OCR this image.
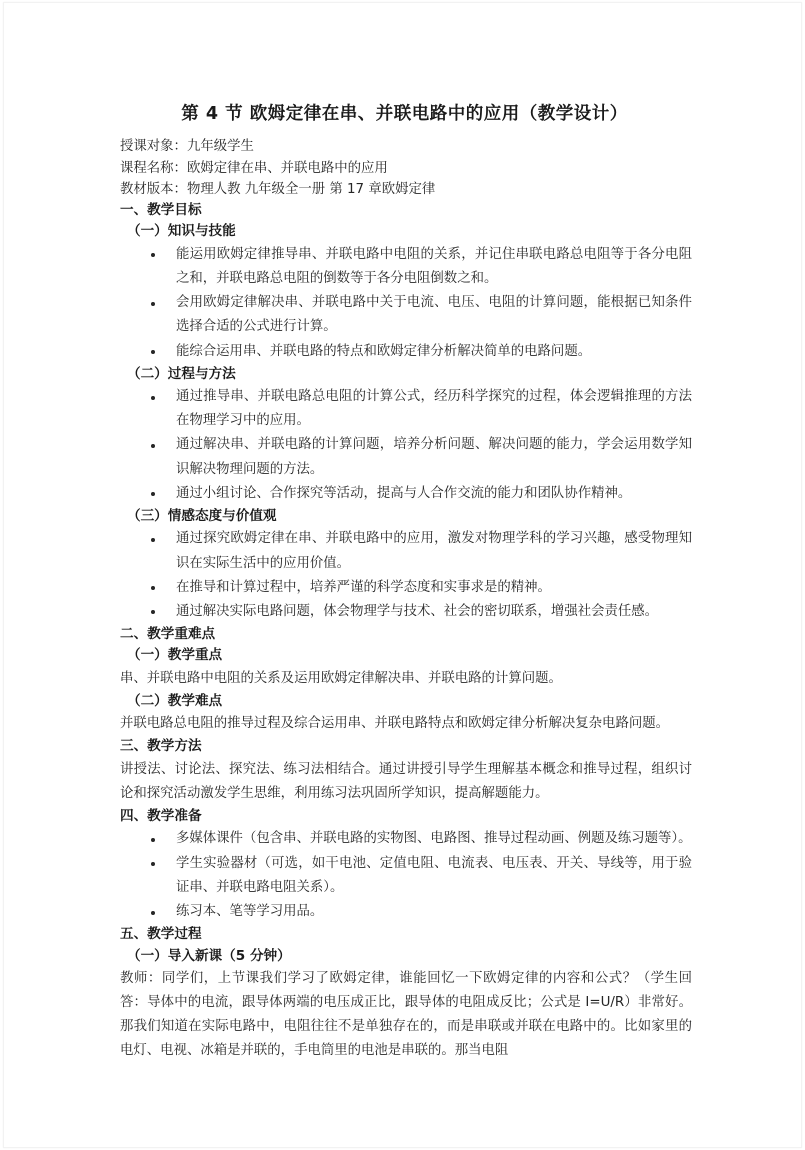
第 4 节 欧姆定律在串、并联电路中的应用（教学设计）

授课对象：九年级学生

课程名称：欧姆定律在串、并联电路中的应用

教材版本：物理人教 九年级全一册 第 17 章欧姆定律

一、教学目标
（一）知识与技能
能运用欧姆定律推导串、并联电路中电阻的关系，并记住串联电路总电阻等于各分电阻之和，并联电路总电阻的倒数等于各分电阻倒数之和。
会用欧姆定律解决串、并联电路中关于电流、电压、电阻的计算问题，能根据已知条件选择合适的公式进行计算。
能综合运用串、并联电路的特点和欧姆定律分析解决简单的电路问题。
（二）过程与方法
通过推导串、并联电路总电阻的计算公式，经历科学探究的过程，体会逻辑推理的方法在物理学习中的应用。
通过解决串、并联电路的计算问题，培养分析问题、解决问题的能力，学会运用数学知识解决物理问题的方法。
通过小组讨论、合作探究等活动，提高与人合作交流的能力和团队协作精神。
（三）情感态度与价值观
通过探究欧姆定律在串、并联电路中的应用，激发对物理学科的学习兴趣，感受物理知识在实际生活中的应用价值。
在推导和计算过程中，培养严谨的科学态度和实事求是的精神。
通过解决实际电路问题，体会物理学与技术、社会的密切联系，增强社会责任感。
二、教学重难点
（一）教学重点

串、并联电路中电阻的关系及运用欧姆定律解决串、并联电路的计算问题。

（二）教学难点

并联电路总电阻的推导过程及综合运用串、并联电路特点和欧姆定律分析解决复杂电路问题。

三、教学方法

讲授法、讨论法、探究法、练习法相结合。通过讲授引导学生理解基本概念和推导过程，组织讨论和探究活动激发学生思维，利用练习法巩固所学知识，提高解题能力。

四、教学准备
多媒体课件（包含串、并联电路的实物图、电路图、推导过程动画、例题及练习题等）。
学生实验器材（可选，如干电池、定值电阻、电流表、电压表、开关、导线等，用于验证串、并联电路电阻关系）。
练习本、笔等学习用品。
五、教学过程
（一）导入新课（5 分钟）

教师：同学们，上节课我们学习了欧姆定律，谁能回忆一下欧姆定律的内容和公式？（学生回答：导体中的电流，跟导体两端的电压成正比，跟导体的电阻成反比；公式是 I=U/R）非常好。那我们知道在实际电路中，电阻往往不是单独存在的，而是串联或并联在电路中的。比如家里的电灯、电视、冰箱是并联的，手电筒里的电池是串联的。那当电阻
